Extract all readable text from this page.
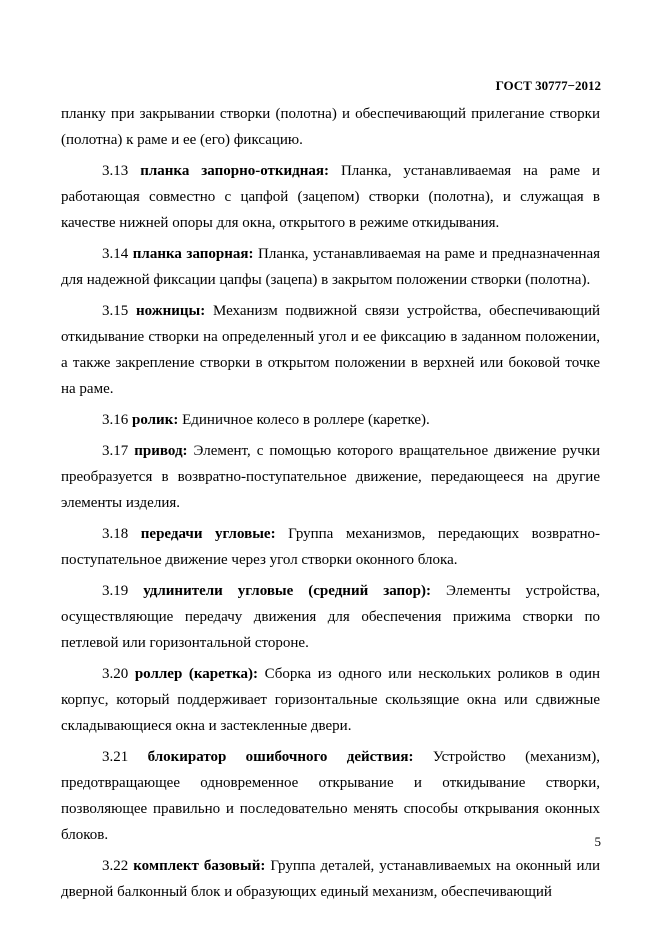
ГОСТ 30777−2012

планку при закрывании створки (полотна) и обеспечивающий прилегание створки (полотна) к раме и ее (его) фиксацию.

3.13 планка запорно-откидная: Планка, устанавливаемая на раме и работающая совместно с цапфой (зацепом) створки (полотна), и служащая в качестве нижней опоры для окна, открытого в режиме откидывания.

3.14 планка запорная: Планка, устанавливаемая на раме и предназначенная для надежной фиксации цапфы (зацепа) в закрытом положении створки (полотна).

3.15 ножницы: Механизм подвижной связи устройства, обеспечивающий откидывание створки на определенный угол и ее фиксацию в заданном положении, а также закрепление створки в открытом положении в верхней или боковой точке на раме.

3.16 ролик: Единичное колесо в роллере (каретке).

3.17 привод: Элемент, с помощью которого вращательное движение ручки преобразуется в возвратно-поступательное движение, передающееся на другие элементы изделия.

3.18 передачи угловые: Группа механизмов, передающих возвратно-поступательное движение через угол створки оконного блока.

3.19 удлинители угловые (средний запор): Элементы устройства, осуществляющие передачу движения для обеспечения прижима створки по петлевой или горизонтальной стороне.

3.20 роллер (каретка): Сборка из одного или нескольких роликов в один корпус, который поддерживает горизонтальные скользящие окна или сдвижные складывающиеся окна и застекленные двери.

3.21 блокиратор ошибочного действия: Устройство (механизм), предотвращающее одновременное открывание и откидывание створки, позволяющее правильно и последовательно менять способы открывания оконных блоков.

3.22 комплект базовый: Группа деталей, устанавливаемых на оконный или дверной балконный блок и образующих единый механизм, обеспечивающий

5
